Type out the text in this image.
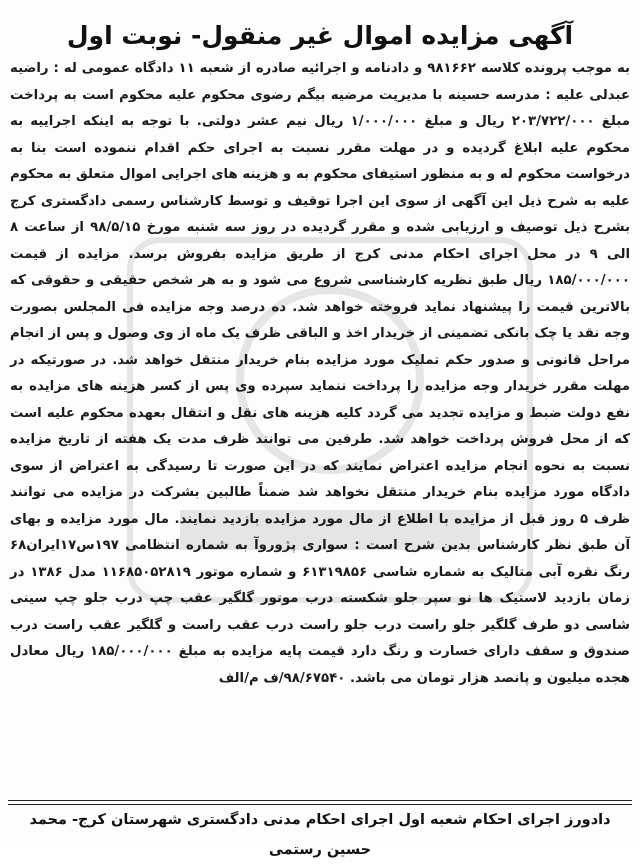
آگهی مزایده اموال غیر منقول- نوبت اول
به موجب پرونده کلاسه ۹۸۱۶۶۲ و دادنامه و اجرائیه صادره از شعبه ۱۱ دادگاه عمومی له : راضیه عبدلی علیه : مدرسه حسینه با مدیریت مرضیه بیگم رضوی محکوم علیه محکوم است به پرداخت مبلغ ۲۰۳/۷۲۲/۰۰۰ ریال و مبلغ ۱/۰۰۰/۰۰۰ ریال نیم عشر دولتی. با توجه به اینکه اجراییه به محکوم علیه ابلاغ گردیده و در مهلت مقرر نسبت به اجرای حکم اقدام ننموده است بنا به درخواست محکوم له و به منظور استیفای محکوم به و هزینه های اجرایی اموال متعلق به محکوم علیه به شرح ذیل این آگهی از سوی این اجرا توقیف و توسط کارشناس رسمی دادگستری کرج بشرح ذیل توصیف و ارزیابی شده و مقرر گردیده در روز سه شنبه مورخ ۹۸/۵/۱۵ از ساعت ۸ الی ۹ در محل اجرای احکام مدنی کرج از طریق مزایده بفروش برسد. مزایده از قیمت ۱۸۵/۰۰۰/۰۰۰ ریال طبق نظریه کارشناسی شروع می شود و به هر شخص حقیقی و حقوقی که بالاترین قیمت را پیشنهاد نماید فروخته خواهد شد. ده درصد وجه مزایده فی المجلس بصورت وجه نقد یا چک بانکی تضمینی از خریدار اخذ و الباقی ظرف یک ماه از وی وصول و پس از انجام مراحل قانونی و صدور حکم تملیک مورد مزایده بنام خریدار منتقل خواهد شد. در صورتیکه در مهلت مقرر خریدار وجه مزایده را پرداخت ننماید سپرده وی پس از کسر هزینه های مزایده به نفع دولت ضبط و مزایده تجدید می گردد کلیه هزینه های نقل و انتقال بعهده محکوم علیه است که از محل فروش پرداخت خواهد شد. طرفین می توانند ظرف مدت یک هفته از تاریخ مزایده نسبت به نحوه انجام مزایده اعتراض نمایند که در این صورت تا رسیدگی به اعتراض از سوی دادگاه مورد مزایده بنام خریدار منتقل نخواهد شد ضمناً طالبین بشرکت در مزایده می توانند ظرف ۵ روز قبل از مزایده با اطلاع از مال مورد مزایده بازدید نمایند. مال مورد مزایده و بهای آن طبق نظر کارشناس بدین شرح است : سواری پژوروآ به شماره انتظامی ۱۹۷س۱۷ایران۶۸ رنگ نقره آبی متالیک به شماره شاسی ۶۱۳۱۹۸۵۶ و شماره موتور ۱۱۶۸۵۰۵۲۸۱۹ مدل ۱۳۸۶ در زمان بازدید لاستیک ها نو سپر جلو شکسته درب موتور گلگیر عقب چپ درب جلو چپ سینی شاسی دو طرف گلگیر جلو راست درب جلو راست درب عقب راست و گلگیر عقب راست درب صندوق و سقف دارای خسارت و رنگ دارد قیمت پایه مزایده به مبلغ ۱۸۵/۰۰۰/۰۰۰ ریال معادل هجده میلیون و پانصد هزار تومان می باشد. ۹۸/۶۷۵۴۰/ف م/الف
دادورز اجرای احکام شعبه اول اجرای احکام مدنی دادگستری شهرستان کرج- محمد حسین رستمی
